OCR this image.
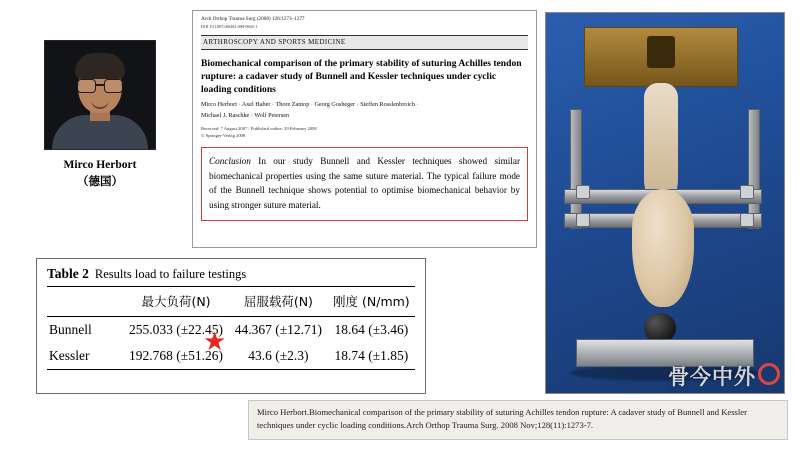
Mirco Herbort
（德国）
Arch Orthop Trauma Surg (2008) 128:1273–1277
DOI 10.1007/s00402-008-0602-1
ARTHROSCOPY AND SPORTS MEDICINE
Biomechanical comparison of the primary stability of suturing Achilles tendon rupture: a cadaver study of Bunnell and Kessler techniques under cyclic loading conditions
Mirco Herbort · Axel Haber · Thore Zantop · Georg Gosheger · Steffen Rosslenbroich ·
Michael J. Raschke · Wolf Petersen
Received: 7 August 2007 / Published online: 29 February 2008
© Springer-Verlag 2008
Conclusion In our study Bunnell and Kessler techniques showed similar biomechanical properties using the same suture material. The typical failure mode of the Bunnell technique shows potential to optimise biomechanical behavior by using stronger suture material.
Table 2 Results load to failure testings
	最大负荷(N)	屈服载荷(N)	刚度 (N/mm)
Bunnell	255.033 (±22.45)	44.367 (±12.71)	18.64 (±3.46)
Kessler	192.768 (±51.26)	43.6 (±2.3)	18.74 (±1.85)
★
骨今中外
Mirco Herbort.Biomechanical comparison of the primary stability of suturing Achilles tendon rupture: A cadaver study of Bunnell and Kessler techniques under cyclic loading conditions.Arch Orthop Trauma Surg. 2008 Nov;128(11):1273-7.
